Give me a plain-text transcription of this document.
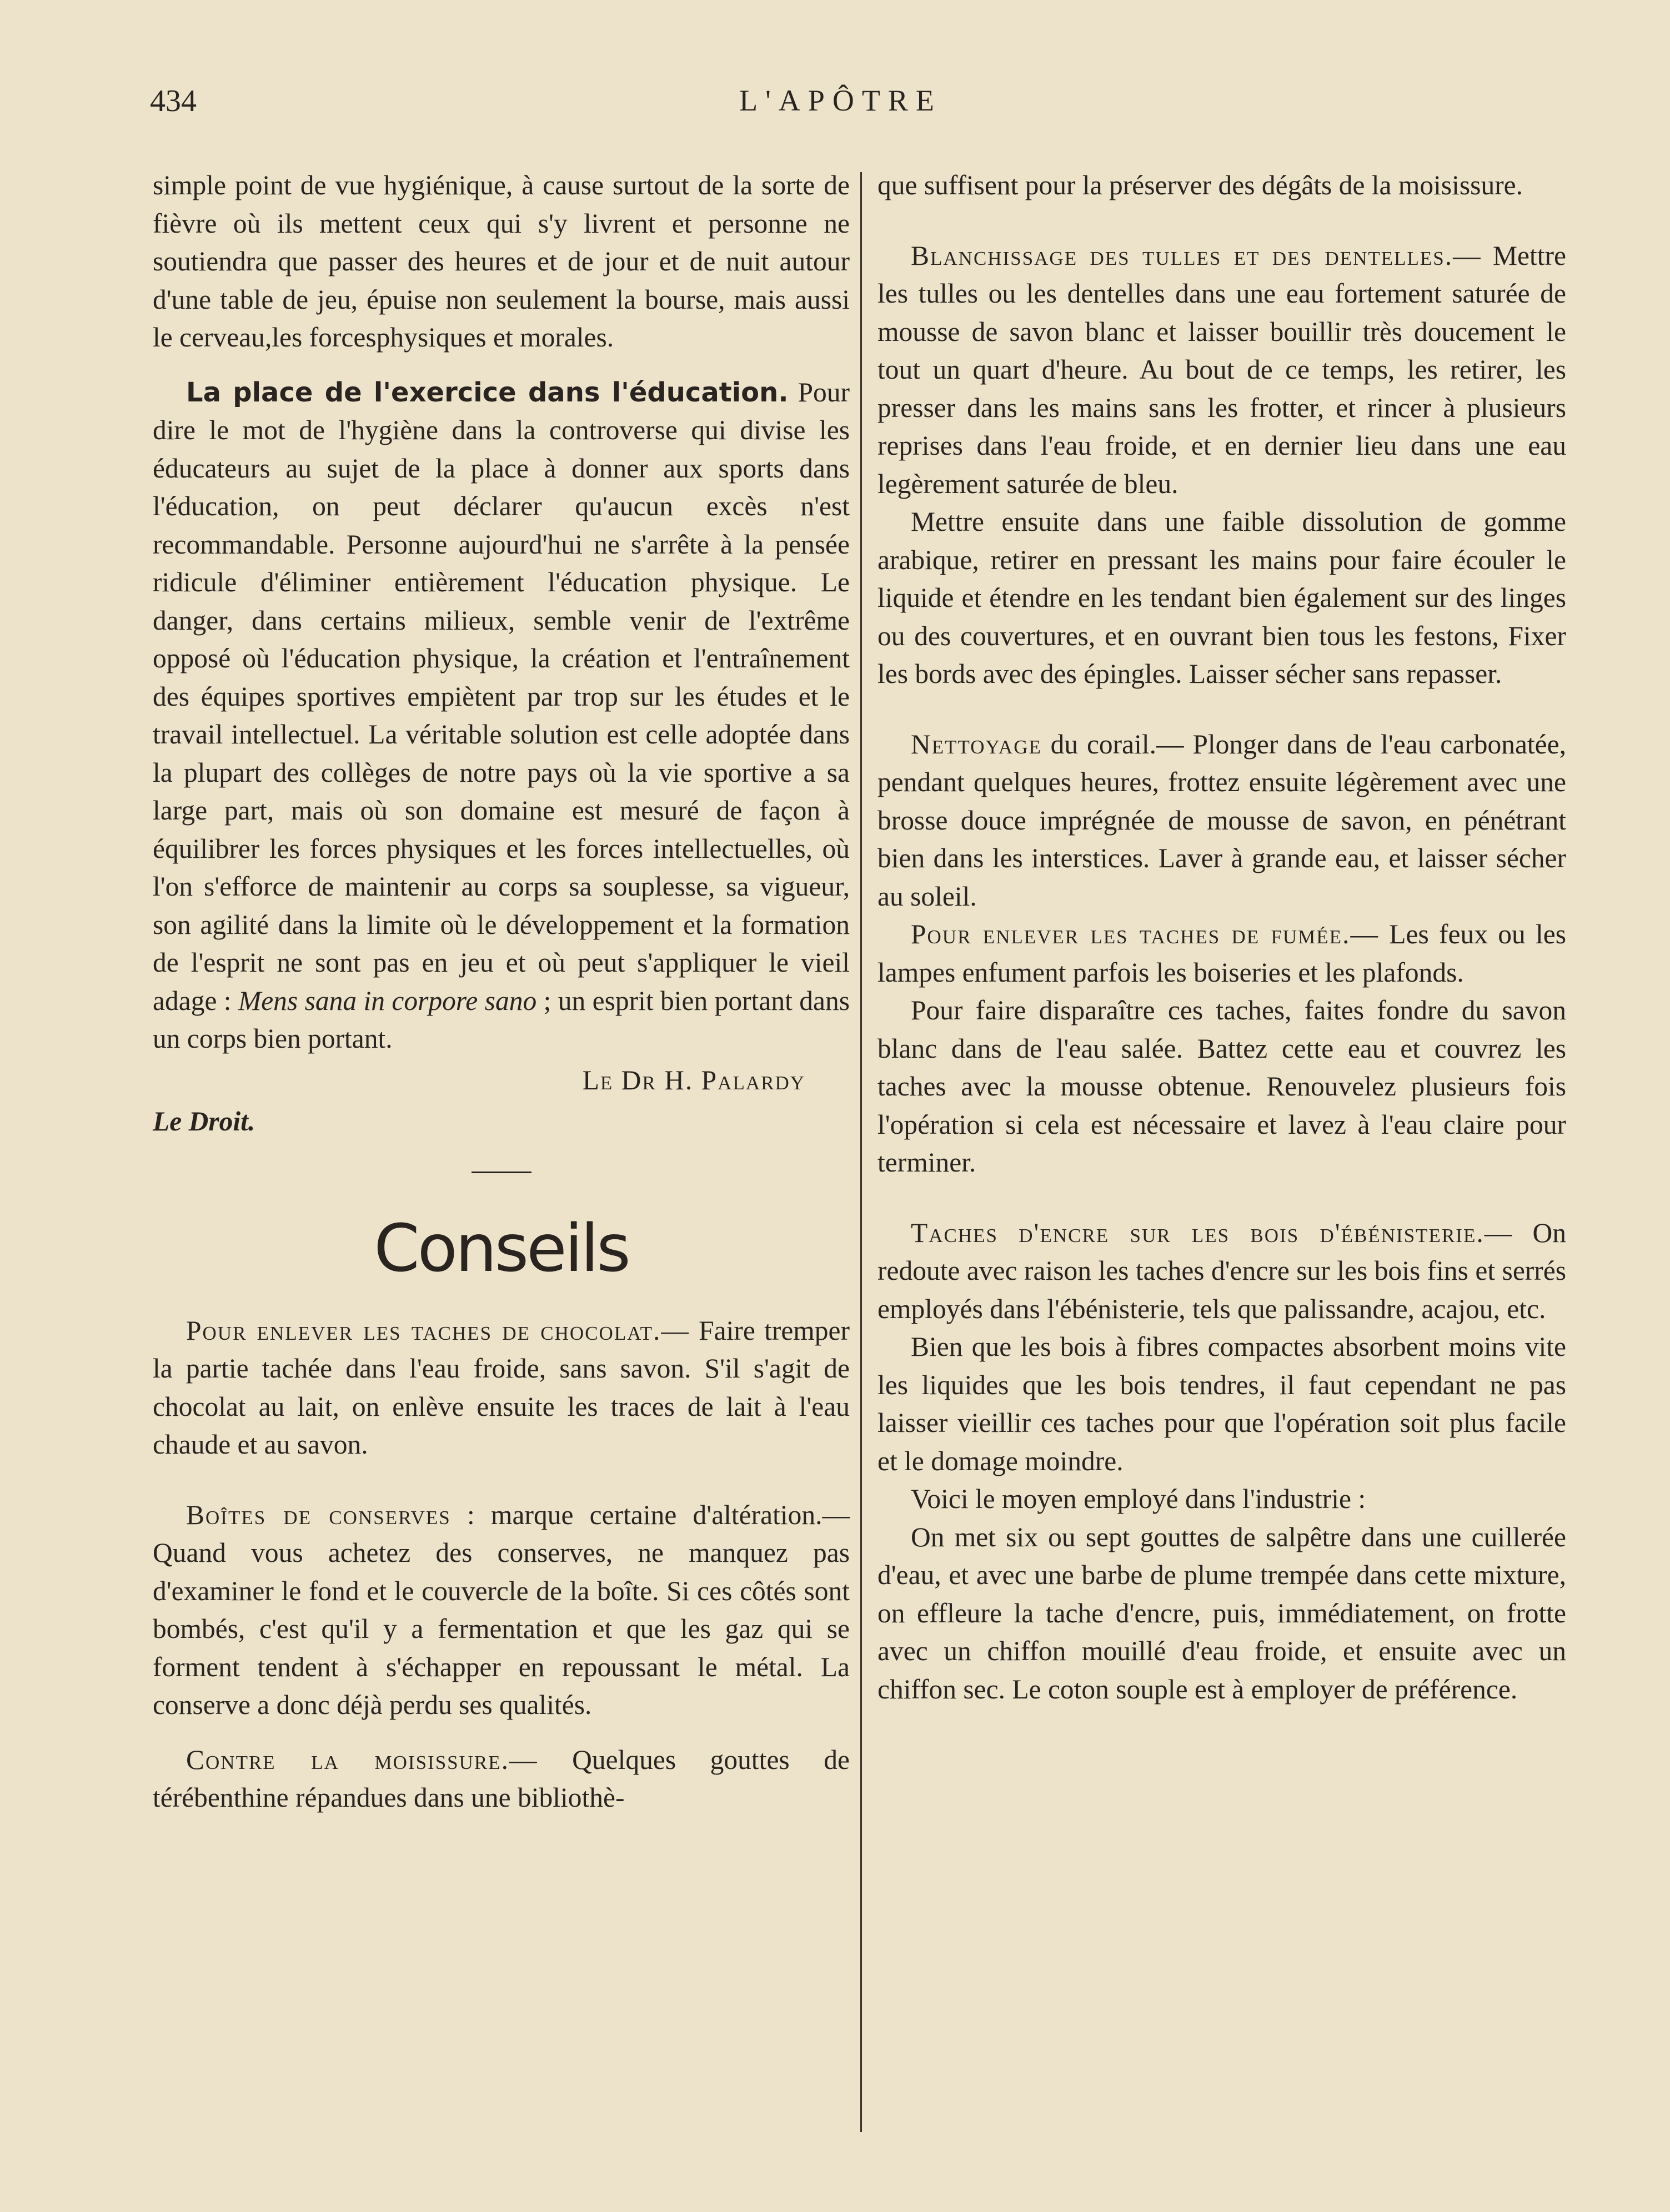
434	L'APÔTRE

simple point de vue hygiénique, à cause surtout de la sorte de fièvre où ils mettent ceux qui s'y livrent et personne ne soutiendra que passer des heures et de jour et de nuit autour d'une table de jeu, épuise non seulement la bourse, mais aussi le cerveau,les forcesphysiques et morales.

La place de l'exercice dans l'éducation. Pour dire le mot de l'hygiène dans la controverse qui divise les éducateurs au sujet de la place à donner aux sports dans l'éducation, on peut déclarer qu'aucun excès n'est recommandable. Personne aujourd'hui ne s'arrête à la pensée ridicule d'éliminer entièrement l'éducation physique. Le danger, dans certains milieux, semble venir de l'extrême opposé où l'éducation physique, la création et l'entraînement des équipes sportives empiètent par trop sur les études et le travail intellectuel. La véritable solution est celle adoptée dans la plupart des collèges de notre pays où la vie sportive a sa large part, mais où son domaine est mesuré de façon à équilibrer les forces physiques et les forces intellectuelles, où l'on s'efforce de maintenir au corps sa souplesse, sa vigueur, son agilité dans la limite où le développement et la formation de l'esprit ne sont pas en jeu et où peut s'appliquer le vieil adage : Mens sana in corpore sano ; un esprit bien portant dans un corps bien portant.

Le Dr H. Palardy

Le Droit.

Conseils

Pour enlever les taches de chocolat.— Faire tremper la partie tachée dans l'eau froide, sans savon. S'il s'agit de chocolat au lait, on enlève ensuite les traces de lait à l'eau chaude et au savon.

Boîtes de conserves : marque certaine d'altération.— Quand vous achetez des conserves, ne manquez pas d'examiner le fond et le couvercle de la boîte. Si ces côtés sont bombés, c'est qu'il y a fermentation et que les gaz qui se forment tendent à s'échapper en repoussant le métal. La conserve a donc déjà perdu ses qualités.

Contre la moisissure.— Quelques gouttes de térébenthine répandues dans une bibliothè-

que suffisent pour la préserver des dégâts de la moisissure.

Blanchissage des tulles et des dentelles.— Mettre les tulles ou les dentelles dans une eau fortement saturée de mousse de savon blanc et laisser bouillir très doucement le tout un quart d'heure. Au bout de ce temps, les retirer, les presser dans les mains sans les frotter, et rincer à plusieurs reprises dans l'eau froide, et en dernier lieu dans une eau legèrement saturée de bleu.

Mettre ensuite dans une faible dissolution de gomme arabique, retirer en pressant les mains pour faire écouler le liquide et étendre en les tendant bien également sur des linges ou des couvertures, et en ouvrant bien tous les festons, Fixer les bords avec des épingles. Laisser sécher sans repasser.

Nettoyage du corail.— Plonger dans de l'eau carbonatée, pendant quelques heures, frottez ensuite légèrement avec une brosse douce imprégnée de mousse de savon, en pénétrant bien dans les interstices. Laver à grande eau, et laisser sécher au soleil.

Pour enlever les taches de fumée.— Les feux ou les lampes enfument parfois les boiseries et les plafonds.

Pour faire disparaître ces taches, faites fondre du savon blanc dans de l'eau salée. Battez cette eau et couvrez les taches avec la mousse obtenue. Renouvelez plusieurs fois l'opération si cela est nécessaire et lavez à l'eau claire pour terminer.

Taches d'encre sur les bois d'ébénisterie.— On redoute avec raison les taches d'encre sur les bois fins et serrés employés dans l'ébénisterie, tels que palissandre, acajou, etc.

Bien que les bois à fibres compactes absorbent moins vite les liquides que les bois tendres, il faut cependant ne pas laisser vieillir ces taches pour que l'opération soit plus facile et le domage moindre.

Voici le moyen employé dans l'industrie :

On met six ou sept gouttes de salpêtre dans une cuillerée d'eau, et avec une barbe de plume trempée dans cette mixture, on effleure la tache d'encre, puis, immédiatement, on frotte avec un chiffon mouillé d'eau froide, et ensuite avec un chiffon sec. Le coton souple est à employer de préférence.
